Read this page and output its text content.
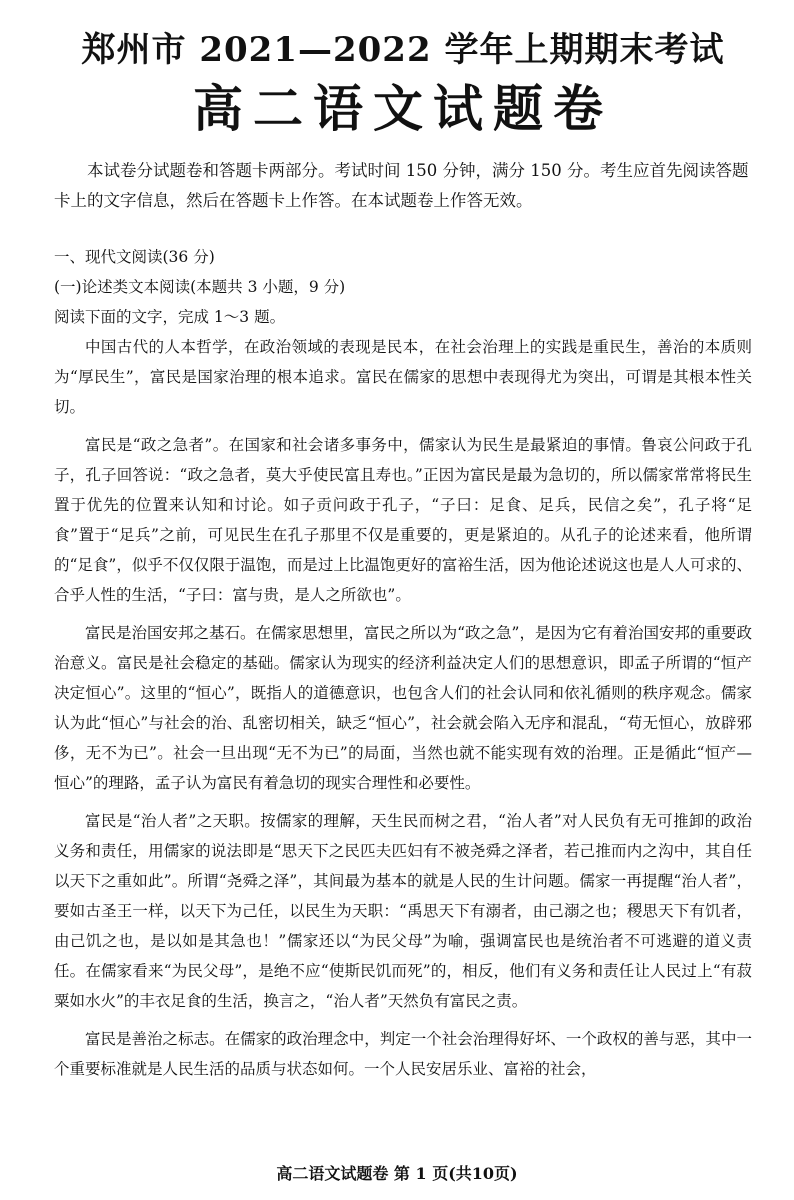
郑州市 2021—2022 学年上期期末考试
高二语文试题卷

本试卷分试题卷和答题卡两部分。考试时间 150 分钟，满分 150 分。考生应首先阅读答题卡上的文字信息，然后在答题卡上作答。在本试题卷上作答无效。

一、现代文阅读(36 分)

(一)论述类文本阅读(本题共 3 小题，9 分)

阅读下面的文字，完成 1～3 题。

中国古代的人本哲学，在政治领域的表现是民本，在社会治理上的实践是重民生，善治的本质则为“厚民生”，富民是国家治理的根本追求。富民在儒家的思想中表现得尤为突出，可谓是其根本性关切。

富民是“政之急者”。在国家和社会诸多事务中，儒家认为民生是最紧迫的事情。鲁哀公问政于孔子，孔子回答说：“政之急者，莫大乎使民富且寿也。”正因为富民是最为急切的，所以儒家常常将民生置于优先的位置来认知和讨论。如子贡问政于孔子，“子曰：足食、足兵，民信之矣”，孔子将“足食”置于“足兵”之前，可见民生在孔子那里不仅是重要的，更是紧迫的。从孔子的论述来看，他所谓的“足食”，似乎不仅仅限于温饱，而是过上比温饱更好的富裕生活，因为他论述说这也是人人可求的、合乎人性的生活，“子曰：富与贵，是人之所欲也”。

富民是治国安邦之基石。在儒家思想里，富民之所以为“政之急”，是因为它有着治国安邦的重要政治意义。富民是社会稳定的基础。儒家认为现实的经济利益决定人们的思想意识，即孟子所谓的“恒产决定恒心”。这里的“恒心”，既指人的道德意识，也包含人们的社会认同和依礼循则的秩序观念。儒家认为此“恒心”与社会的治、乱密切相关，缺乏“恒心”，社会就会陷入无序和混乱，“苟无恒心，放辟邪侈，无不为已”。社会一旦出现“无不为已”的局面，当然也就不能实现有效的治理。正是循此“恒产—恒心”的理路，孟子认为富民有着急切的现实合理性和必要性。

富民是“治人者”之天职。按儒家的理解，天生民而树之君，“治人者”对人民负有无可推卸的政治义务和责任，用儒家的说法即是“思天下之民匹夫匹妇有不被尧舜之泽者，若己推而内之沟中，其自任以天下之重如此”。所谓“尧舜之泽”，其间最为基本的就是人民的生计问题。儒家一再提醒“治人者”，要如古圣王一样，以天下为己任，以民生为天职：“禹思天下有溺者，由己溺之也；稷思天下有饥者，由己饥之也，是以如是其急也！”儒家还以“为民父母”为喻，强调富民也是统治者不可逃避的道义责任。在儒家看来“为民父母”，是绝不应“使斯民饥而死”的，相反，他们有义务和责任让人民过上“有菽粟如水火”的丰衣足食的生活，换言之，“治人者”天然负有富民之责。

富民是善治之标志。在儒家的政治理念中，判定一个社会治理得好坏、一个政权的善与恶，其中一个重要标准就是人民生活的品质与状态如何。一个人民安居乐业、富裕的社会，

高二语文试题卷 第 1 页(共10页)
